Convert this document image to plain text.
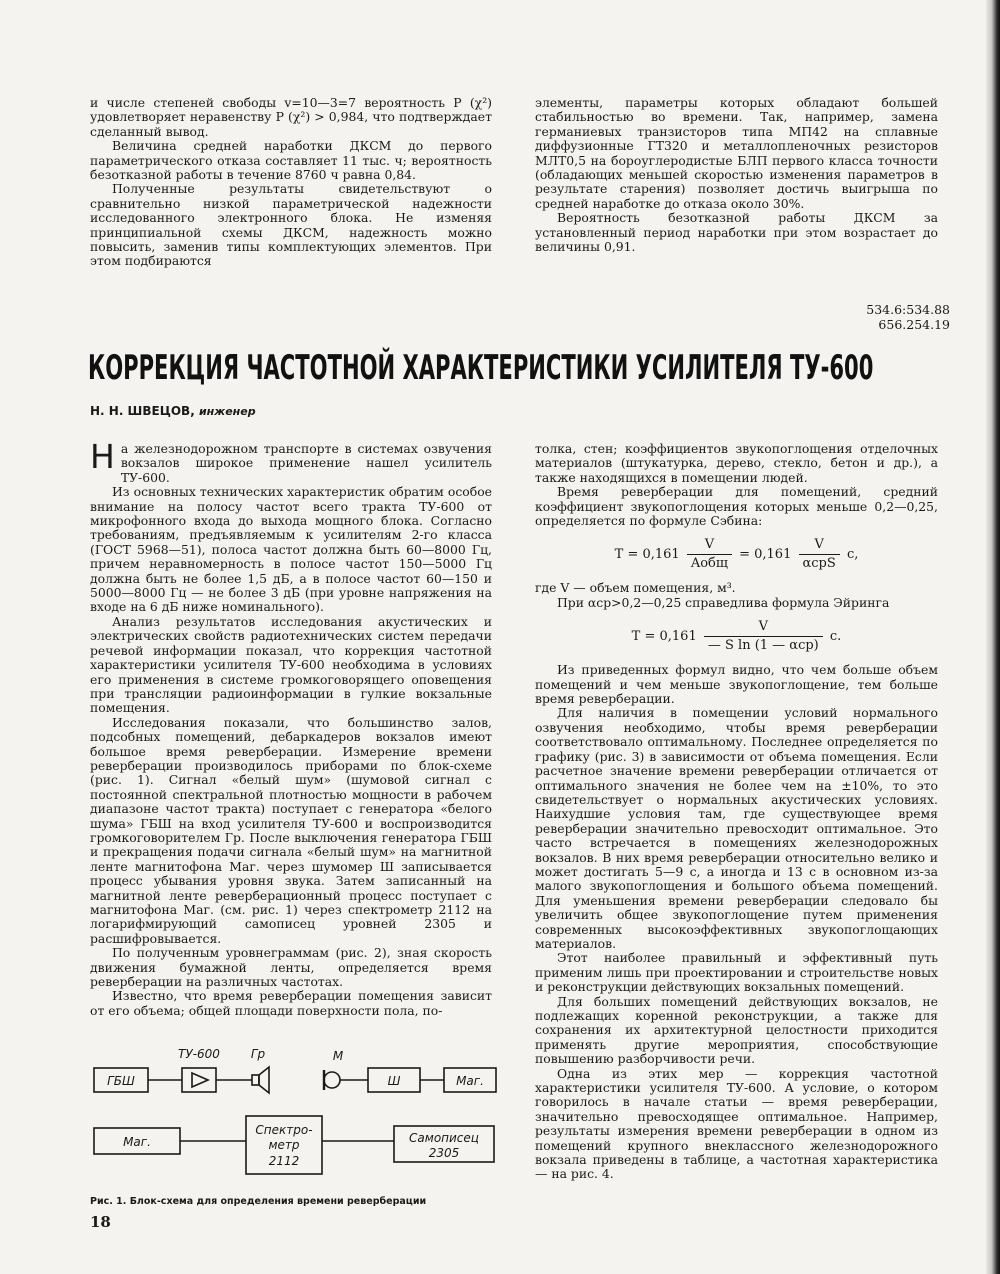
и числе степеней свободы v=10—3=7 вероятность P (χ²) удовлетворяет неравенству P (χ²) > 0,984, что подтверждает сделанный вывод.

Величина средней наработки ДКСМ до первого параметрического отказа составляет 11 тыс. ч; вероятность безотказной работы в течение 8760 ч равна 0,84.

Полученные результаты свидетельствуют о сравнительно низкой параметрической надежности исследованного электронного блока. Не изменяя принципиальной схемы ДКСМ, надежность можно повысить, заменив типы комплектующих элементов. При этом подбираются

элементы, параметры которых обладают большей стабильностью во времени. Так, например, замена германиевых транзисторов типа МП42 на сплавные диффузионные ГТ320 и металлопленочных резисторов МЛТ0,5 на бороуглеродистые БЛП первого класса точности (обладающих меньшей скоростью изменения параметров в результате старения) позволяет достичь выигрыша по средней наработке до отказа около 30%.

Вероятность безотказной работы ДКСМ за установленный период наработки при этом возрастает до величины 0,91.

534.6:534.88
656.254.19
КОРРЕКЦИЯ ЧАСТОТНОЙ ХАРАКТЕРИСТИКИ УСИЛИТЕЛЯ ТУ-600
Н. Н. ШВЕЦОВ, инженер

На железнодорожном транспорте в системах озвучения вокзалов широкое применение нашел усилитель ТУ-600.

Из основных технических характеристик обратим особое внимание на полосу частот всего тракта ТУ-600 от микрофонного входа до выхода мощного блока. Согласно требованиям, предъявляемым к усилителям 2-го класса (ГОСТ 5968—51), полоса частот должна быть 60—8000 Гц, причем неравномерность в полосе частот 150—5000 Гц должна быть не более 1,5 дБ, а в полосе частот 60—150 и 5000—8000 Гц — не более 3 дБ (при уровне напряжения на входе на 6 дБ ниже номинального).

Анализ результатов исследования акустических и электрических свойств радиотехнических систем передачи речевой информации показал, что коррекция частотной характеристики усилителя ТУ-600 необходима в условиях его применения в системе громкоговорящего оповещения при трансляции радиоинформации в гулкие вокзальные помещения.

Исследования показали, что большинство залов, подсобных помещений, дебаркадеров вокзалов имеют большое время реверберации. Измерение времени реверберации производилось приборами по блок-схеме (рис. 1). Сигнал «белый шум» (шумовой сигнал с постоянной спектральной плотностью мощности в рабочем диапазоне частот тракта) поступает с генератора «белого шума» ГБШ на вход усилителя ТУ-600 и воспроизводится громкоговорителем Гр. После выключения генератора ГБШ и прекращения подачи сигнала «белый шум» на магнитной ленте магнитофона Маг. через шумомер Ш записывается процесс убывания уровня звука. Затем записанный на магнитной ленте реверберационный процесс поступает с магнитофона Маг. (см. рис. 1) через спектрометр 2112 на логарифмирующий самописец уровней 2305 и расшифровывается.

По полученным уровнеграммам (рис. 2), зная скорость движения бумажной ленты, определяется время реверберации на различных частотах.

Известно, что время реверберации помещения зависит от его объема; общей площади поверхности пола, по-

толка, стен; коэффициентов звукопоглощения отделочных материалов (штукатурка, дерево, стекло, бетон и др.), а также находящихся в помещении людей.

Время реверберации для помещений, средний коэффициент звукопоглощения которых меньше 0,2—0,25, определяется по формуле Сэбина:

$T = 0,161 \frac{V}{\text{Aобщ}} = 0,161 \frac{V}{\text{αсрS}} c$,

где V — объем помещения, м³.

При αср>0,2—0,25 справедлива формула Эйринга

$T = 0,161 \frac{V}{\text{— S ln (1 — αср)}} c$.

Из приведенных формул видно, что чем больше объем помещений и чем меньше звукопоглощение, тем больше время реверберации.

Для наличия в помещении условий нормального озвучения необходимо, чтобы время реверберации соответствовало оптимальному. Последнее определяется по графику (рис. 3) в зависимости от объема помещения. Если расчетное значение времени реверберации отличается от оптимального значения не более чем на ±10%, то это свидетельствует о нормальных акустических условиях. Наихудшие условия там, где существующее время реверберации значительно превосходит оптимальное. Это часто встречается в помещениях железнодорожных вокзалов. В них время реверберации относительно велико и может достигать 5—9 с, а иногда и 13 с в основном из-за малого звукопоглощения и большого объема помещений. Для уменьшения времени реверберации следовало бы увеличить общее звукопоглощение путем применения современных высокоэффективных звукопоглощающих материалов.

Этот наиболее правильный и эффективный путь применим лишь при проектировании и строительстве новых и реконструкции действующих вокзальных помещений.

Для больших помещений действующих вокзалов, не подлежащих коренной реконструкции, а также для сохранения их архитектурной целостности приходится применять другие мероприятия, способствующие повышению разборчивости речи.

Одна из этих мер — коррекция частотной характеристики усилителя ТУ-600. А условие, о котором говорилось в начале статьи — время реверберации, значительно превосходящее оптимальное. Например, результаты измерения времени реверберации в одном из помещений крупного внеклассного железнодорожного вокзала приведены в таблице, а частотная характеристика — на рис. 4.

ГБШ
ТУ-600	Гр	М
Ш	Маг.
Маг.
Спектро-
метр
2112
Самописец
2305
Рис. 1. Блок-схема для определения времени реверберации
18
